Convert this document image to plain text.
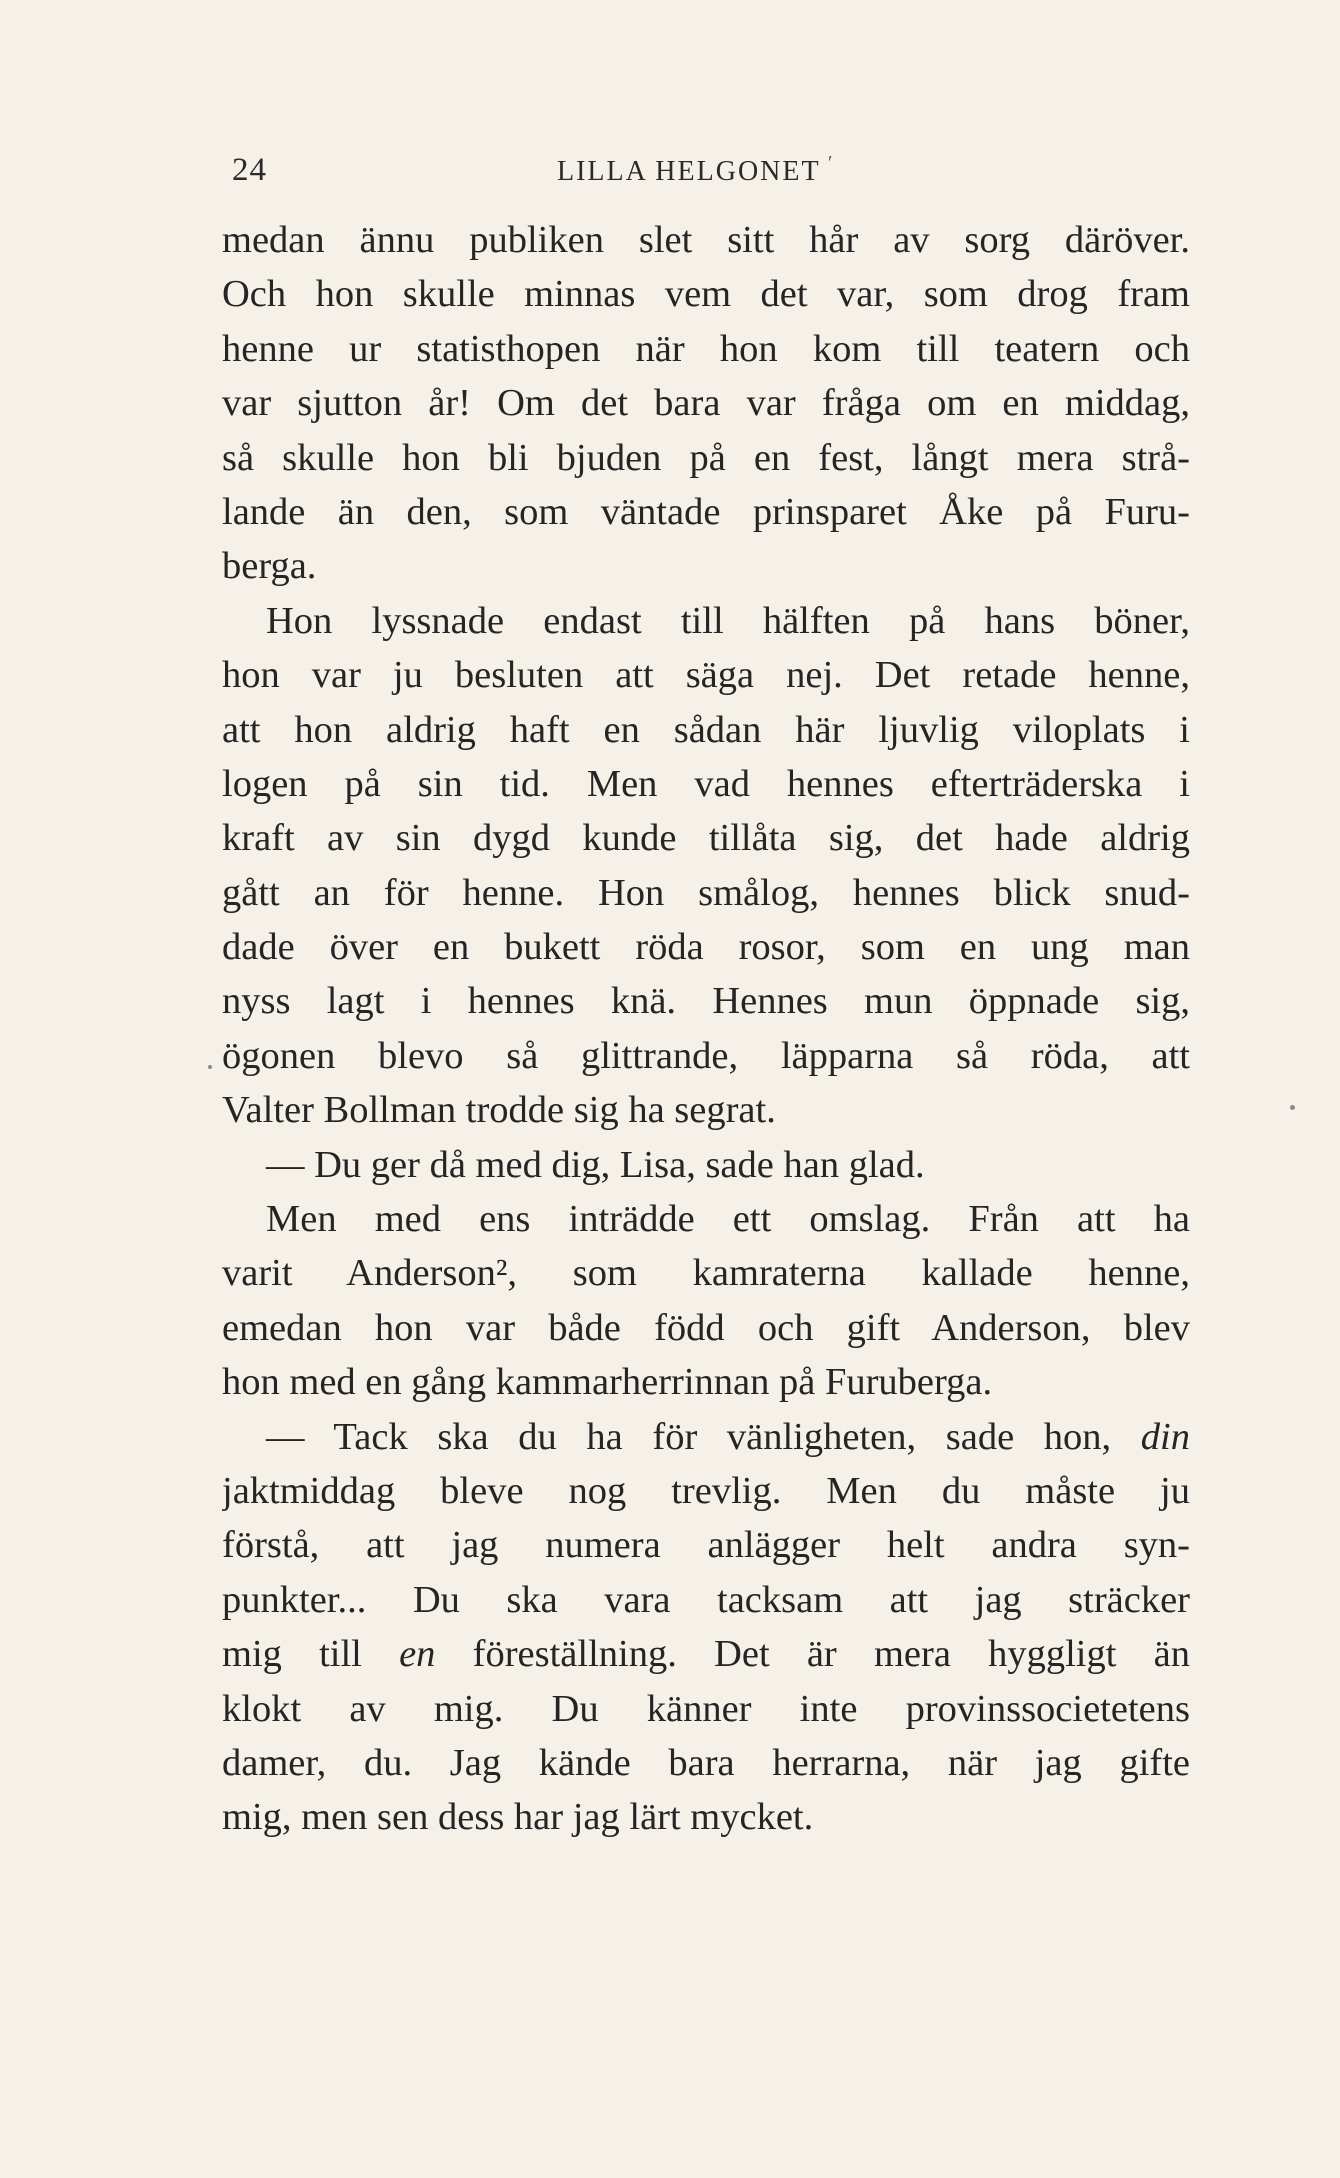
24	LILLA HELGONET ′
medan ännu publiken slet sitt hår av sorg däröver.
Och hon skulle minnas vem det var, som drog fram
henne ur statisthopen när hon kom till teatern och
var sjutton år! Om det bara var fråga om en middag,
så skulle hon bli bjuden på en fest, långt mera strå-
lande än den, som väntade prinsparet Åke på Furu-
berga.
Hon lyssnade endast till hälften på hans böner,
hon var ju besluten att säga nej. Det retade henne,
att hon aldrig haft en sådan här ljuvlig viloplats i
logen på sin tid. Men vad hennes efterträderska i
kraft av sin dygd kunde tillåta sig, det hade aldrig
gått an för henne. Hon smålog, hennes blick snud-
dade över en bukett röda rosor, som en ung man
nyss lagt i hennes knä. Hennes mun öppnade sig,
ögonen blevo så glittrande, läpparna så röda, att
Valter Bollman trodde sig ha segrat.
— Du ger då med dig, Lisa, sade han glad.
Men med ens inträdde ett omslag. Från att ha
varit Anderson², som kamraterna kallade henne,
emedan hon var både född och gift Anderson, blev
hon med en gång kammarherrinnan på Furuberga.
— Tack ska du ha för vänligheten, sade hon, din
jaktmiddag bleve nog trevlig. Men du måste ju
förstå, att jag numera anlägger helt andra syn-
punkter... Du ska vara tacksam att jag sträcker
mig till en föreställning. Det är mera hyggligt än
klokt av mig. Du känner inte provinssocietetens
damer, du. Jag kände bara herrarna, när jag gifte
mig, men sen dess har jag lärt mycket.
